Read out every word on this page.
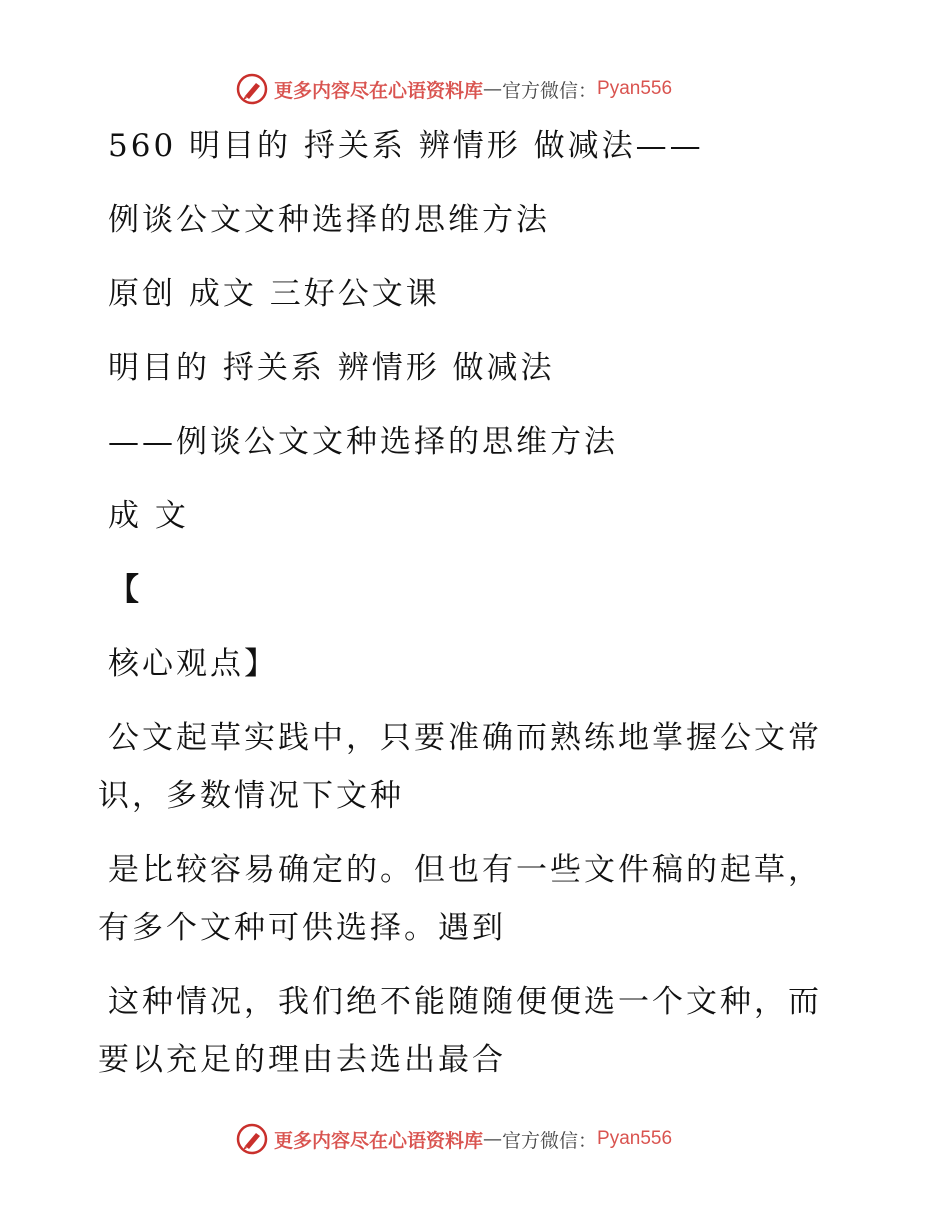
更多内容尽在心语资料库 — 官方微信： Pyan556

560 明目的 捋关系 辨情形 做减法——

例谈公文文种选择的思维方法

原创 成文 三好公文课

明目的 捋关系 辨情形 做减法

——例谈公文文种选择的思维方法

成 文

【

核心观点】

公文起草实践中，只要准确而熟练地掌握公文常

识，多数情况下文种

是比较容易确定的。但也有一些文件稿的起草，

有多个文种可供选择。遇到

这种情况，我们绝不能随随便便选一个文种，而

要以充足的理由去选出最合

更多内容尽在心语资料库 — 官方微信： Pyan556
